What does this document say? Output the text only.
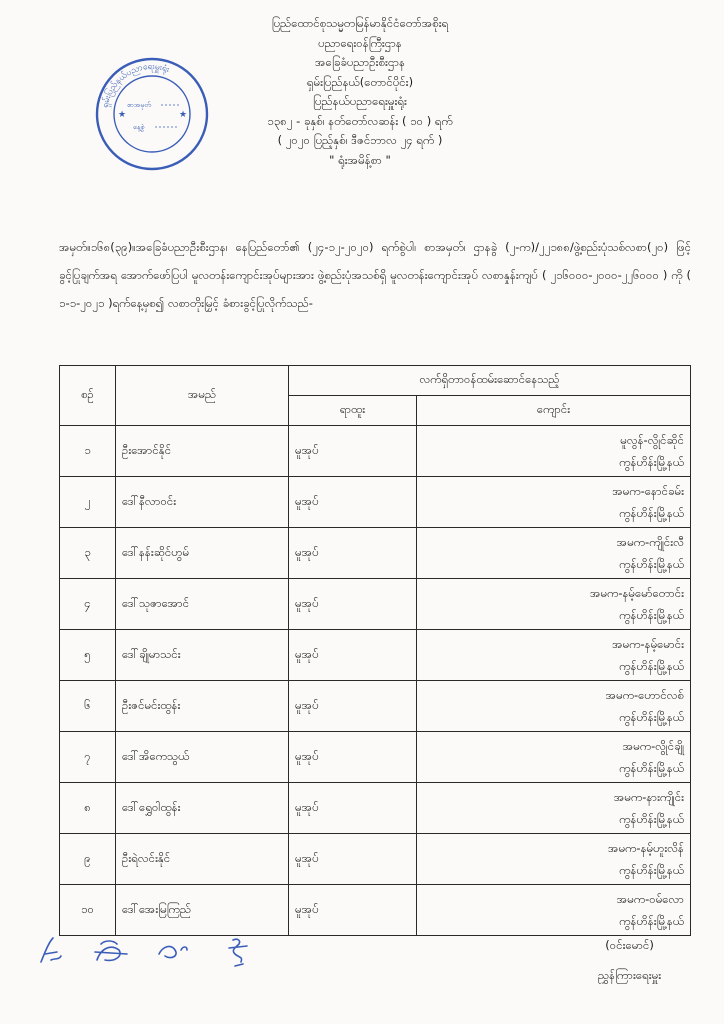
ပြည်ထောင်စုသမ္မတမြန်မာနိုင်ငံတော်အစိုးရ
ပညာရေးဝန်ကြီးဌာန
အခြေခံပညာဦးစီးဌာန
ရှမ်းပြည်နယ်(တောင်ပိုင်း)
ပြည်နယ်ပညာရေးမှူးရုံး
၁၃၈၂ - ခုနှစ်၊ နတ်တော်လဆန်း ( ၁၀ ) ရက်
( ၂၀၂၀ ပြည့်နှစ်၊ ဒီဇင်ဘာလ ၂၄ ရက် )
" ရုံးအမိန့်စာ "
★	★
စာအမှတ်
နေ့စွဲ
ရှမ်းပြည်နယ်ပညာရေးမှူးရုံး
အမှတ်။၁၆၈(၃၉)။အခြေခံပညာဦးစီးဌာန၊ နေပြည်တော်၏ (၂၄-၁၂-၂၀၂၀) ရက်စွဲပါ၊ စာအမှတ်၊ ဌာနခွဲ (၂-က)/၂၂၁၈၈/ဖွဲ့စည်းပုံသစ်လစာ(၂၀) ဖြင့် ခွင့်ပြုချက်အရ အောက်ဖော်ပြပါ မူလတန်းကျောင်းအုပ်များအား ဖွဲ့စည်းပုံအသစ်ရှိ မူလတန်းကျောင်းအုပ် လစာနှုန်းကျပ် ( ၂၁၆၀၀၀-၂၀၀၀-၂၂၆၀၀၀ ) ကို ( ၁-၁-၂၀၂၁ )ရက်နေ့မှစ၍ လစာတိုးမြှင့် ခံစားခွင့်ပြုလိုက်သည်-
စဉ်	အမည်	လက်ရှိတာဝန်ထမ်းဆောင်နေသည့်	
		ရာထူး	ကျောင်း
၁	ဦးအောင်နိုင်	မူအုပ်	မူလွန်-လွိုင်ဆိုင်
ကွန်ဟိန်းမြို့နယ်

၂	ဒေါ်နီလာဝင်း	မူအုပ်	အမက-နောင်ခမ်း
ကွန်ဟိန်းမြို့နယ်

၃	ဒေါ်နန်းဆိုင်ဟွမ်	မူအုပ်	အမက-ကျိုင်းလီ
ကွန်ဟိန်းမြို့နယ်

၄	ဒေါ်သုဇာအောင်	မူအုပ်	အမက-နမ့်မော်တောင်း
ကွန်ဟိန်းမြို့နယ်

၅	ဒေါ်ချိုမာသင်း	မူအုပ်	အမက-နမ့်မောင်း
ကွန်ဟိန်းမြို့နယ်

၆	ဦးဇင်မင်းထွန်း	မူအုပ်	အမက-ဟောင်လစ်
ကွန်ဟိန်းမြို့နယ်

၇	ဒေါ်အိကေသွယ်	မူအုပ်	အမက-လွိုင်ချို
ကွန်ဟိန်းမြို့နယ်

၈	ဒေါ်ရွှေဝါထွန်း	မူအုပ်	အမက-နားကျိုင်း
ကွန်ဟိန်းမြို့နယ်

၉	ဦးရဲလင်းနိုင်	မူအုပ်	အမက-နမ့်ဟူးလိန်
ကွန်ဟိန်းမြို့နယ်

၁၀	ဒေါ်အေးမြကြည်	မူအုပ်	အမက-ဝမ်လော
ကွန်ဟိန်းမြို့နယ်
(ဝင်းမောင်)
ညွှန်ကြားရေးမှူး
